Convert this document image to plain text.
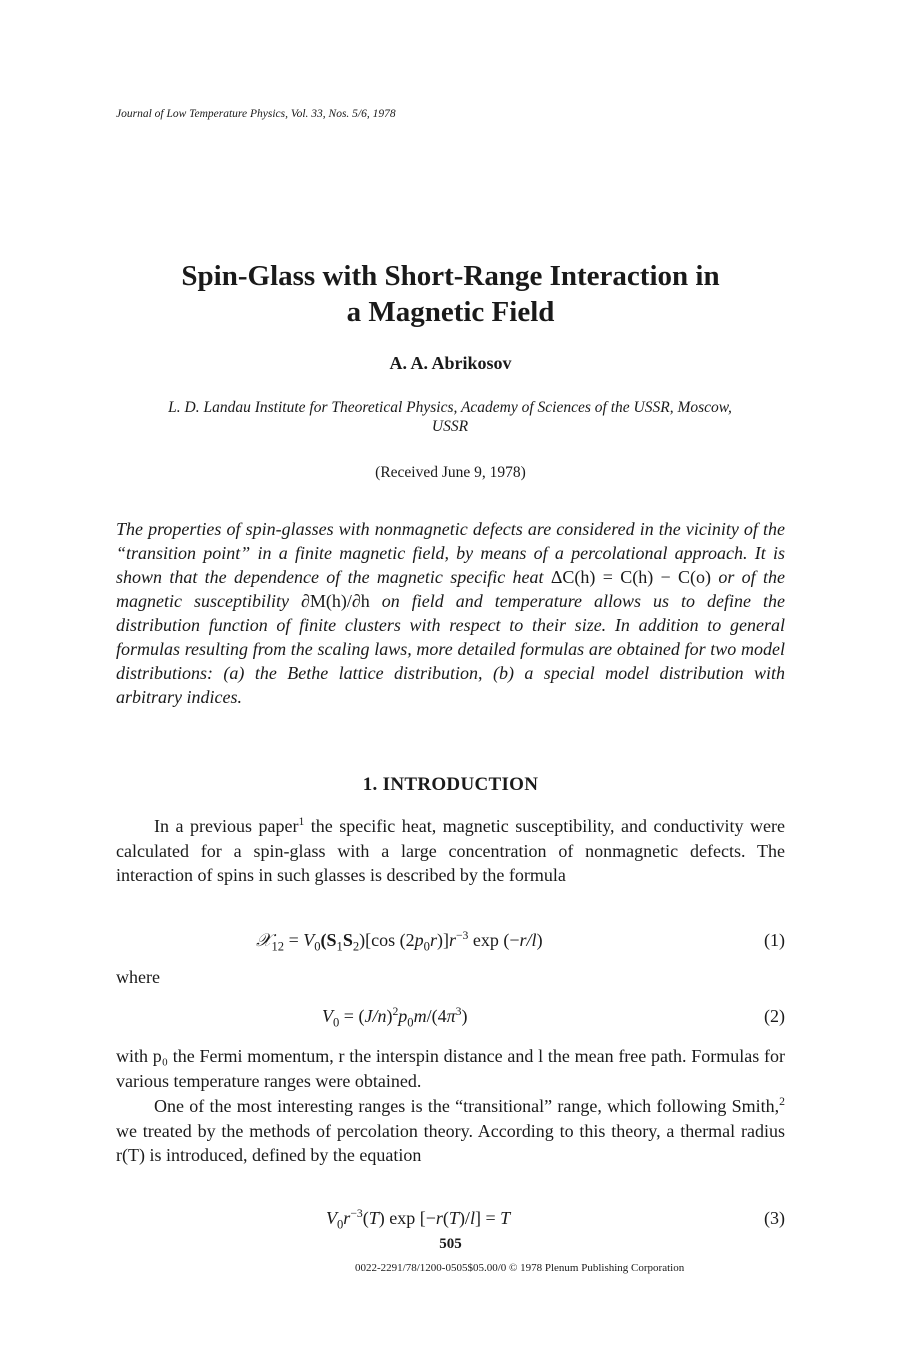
Journal of Low Temperature Physics, Vol. 33, Nos. 5/6, 1978
Spin-Glass with Short-Range Interaction in
a Magnetic Field
A. A. Abrikosov
L. D. Landau Institute for Theoretical Physics, Academy of Sciences of the USSR, Moscow,
USSR
(Received June 9, 1978)
The properties of spin-glasses with nonmagnetic defects are considered in the vicinity of the “transition point” in a finite magnetic field, by means of a percolational approach. It is shown that the dependence of the magnetic specific heat ΔC(h) = C(h) − C(o) or of the magnetic susceptibility ∂M(h)/∂h on field and temperature allows us to define the distribution function of finite clusters with respect to their size. In addition to general formulas resulting from the scaling laws, more detailed formulas are obtained for two model distributions: (a) the Bethe lattice distribution, (b) a special model distribution with arbitrary indices.
1. INTRODUCTION
In a previous paper$^1$ the specific heat, magnetic susceptibility, and conductivity were calculated for a spin-glass with a large concentration of nonmagnetic defects. The interaction of spins in such glasses is described by the formula
𝒳$_{12}$ = $V_0(S_1S_2)[\cos$ $(2p_0r)]r^{-3}$ exp (−r/l)	(1)
where
$V_0 = (J/n)^2p_0m/(4\pi^3)$	(2)
with p₀ the Fermi momentum, r the interspin distance and l the mean free path. Formulas for various temperature ranges were obtained.
One of the most interesting ranges is the “transitional” range, which following Smith,$^2$ we treated by the methods of percolation theory. According to this theory, a thermal radius r(T) is introduced, defined by the equation
$V_0r^{-3}(T)$ exp [−r(T)/l] = T	(3)
505
0022-2291/78/1200-0505$05.00/0 © 1978 Plenum Publishing Corporation
